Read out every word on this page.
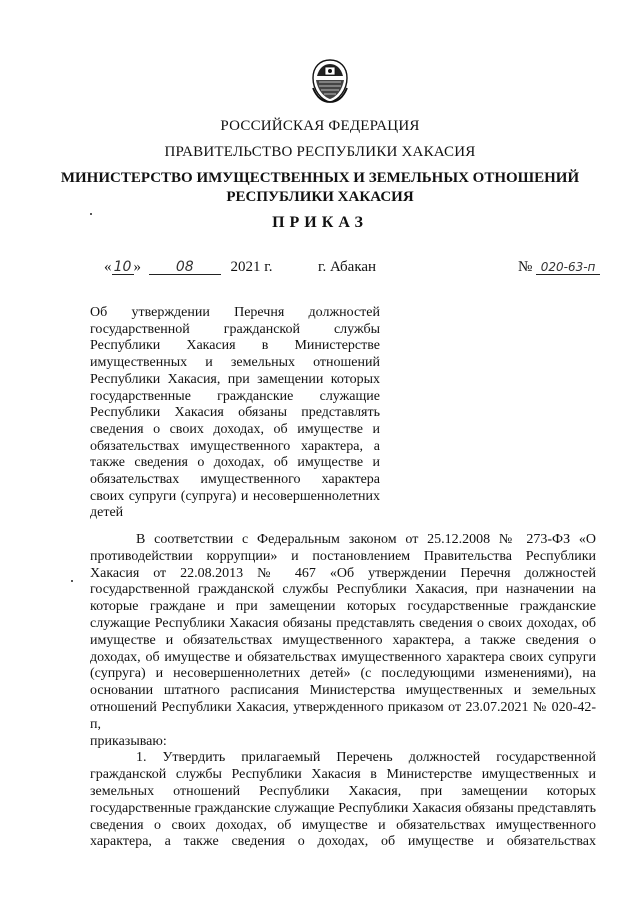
РОССИЙСКАЯ ФЕДЕРАЦИЯ
ПРАВИТЕЛЬСТВО РЕСПУБЛИКИ ХАКАСИЯ
МИНИСТЕРСТВО ИМУЩЕСТВЕННЫХ И ЗЕМЕЛЬНЫХ ОТНОШЕНИЙ
РЕСПУБЛИКИ ХАКАСИЯ
ПРИКАЗ
« 10 » 08 2021 г.	г. Абакан	№ 020-63-п
Об утверждении Перечня должностей государственной гражданской службы Республики Хакасия в Министерстве имущественных и земельных отношений Республики Хакасия, при замещении которых государственные гражданские служащие Республики Хакасия обязаны представлять сведения о своих доходах, об имуществе и обязательствах имущественного характера, а также сведения о доходах, об имуществе и обязательствах имущественного характера своих супруги (супруга) и несовершеннолетних детей

В соответствии с Федеральным законом от 25.12.2008 № 273-ФЗ «О противодействии коррупции» и постановлением Правительства Республики Хакасия от 22.08.2013 № 467 «Об утверждении Перечня должностей государственной гражданской службы Республики Хакасия, при назначении на которые граждане и при замещении которых государственные гражданские служащие Республики Хакасия обязаны представлять сведения о своих доходах, об имуществе и обязательствах имущественного характера, а также сведения о доходах, об имуществе и обязательствах имущественного характера своих супруги (супруга) и несовершеннолетних детей» (с последующими изменениями), на основании штатного расписания Министерства имущественных и земельных отношений Республики Хакасия, утвержденного приказом от 23.07.2021 № 020-42-п,

приказываю:

1. Утвердить прилагаемый Перечень должностей государственной гражданской службы Республики Хакасия в Министерстве имущественных и земельных отношений Республики Хакасия, при замещении которых государственные гражданские служащие Республики Хакасия обязаны представлять сведения о своих доходах, об имуществе и обязательствах имущественного характера, а также сведения о доходах, об имуществе и обязательствах
